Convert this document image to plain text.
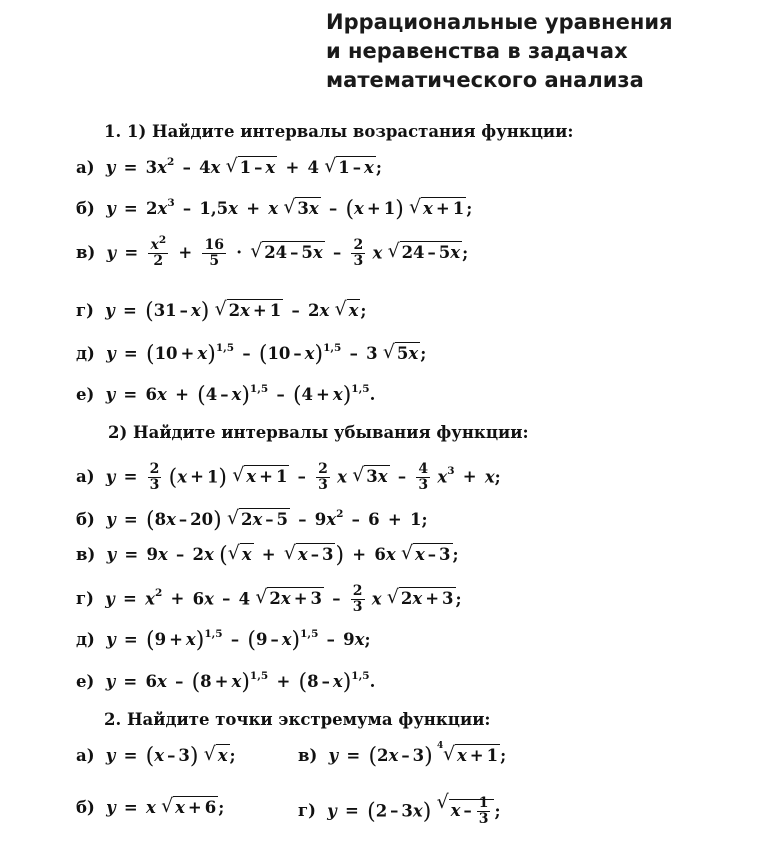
Иррациональные уравнения
и неравенства в задачах
математического анализа
1. 1) Найдите интервалы возрастания функции:
а) $y = 3x^2 - 4x$ √ 1 – x + 4 √ 1 – x ;
б) $y = 2x^3 - 1,5x + x$ √ 3x – (x + 1) √ x + 1 ;
в) $y = \frac{x^2}{2} + \frac{16}{5}$ · √ $24 - 5x - \frac{2}{3}$ x √ 24 – 5x ;
г) y = (31 – x) √ 2x + 1 – 2x √ x ;
д) $y = (10 + x)^{1,5} - (10 - x)^{1,5} - 3$ √ 5x ;
е) $y = 6x + (4 - x)^{1,5} - (4 + x)^{1,5}$.
2) Найдите интервалы убывания функции:
а) $y = \frac{2}{3} (x + 1)$ √ $x + 1 - \frac{2}{3}$ x √ $3x - \frac{4}{3} x^3 + x$;
б) y = (8x – 20) √ $2x - 5 - 9x^2 - 6 + 1$;
в) y = 9x – 2x ( √ x + √ x – 3) + 6x √ x – 3 ;
г) $y = x^2 + 6x - 4$ √ $2x + 3 - \frac{2}{3}$ x √ 2x + 3 ;
д) $y = (9 + x)^{1,5} - (9 - x)^{1,5} - 9x$;
е) $y = 6x - (8 + x)^{1,5} + (8 - x)^{1,5}$.
2. Найдите точки экстремума функции:
а) y = (x – 3) √ x ;	в) y = (2x – 3) √ 4 x + 1 ;
б) y = x √ x + 6 ;	г) y = (2 – 3x) √ x – $\frac{1}{3}$ ;
